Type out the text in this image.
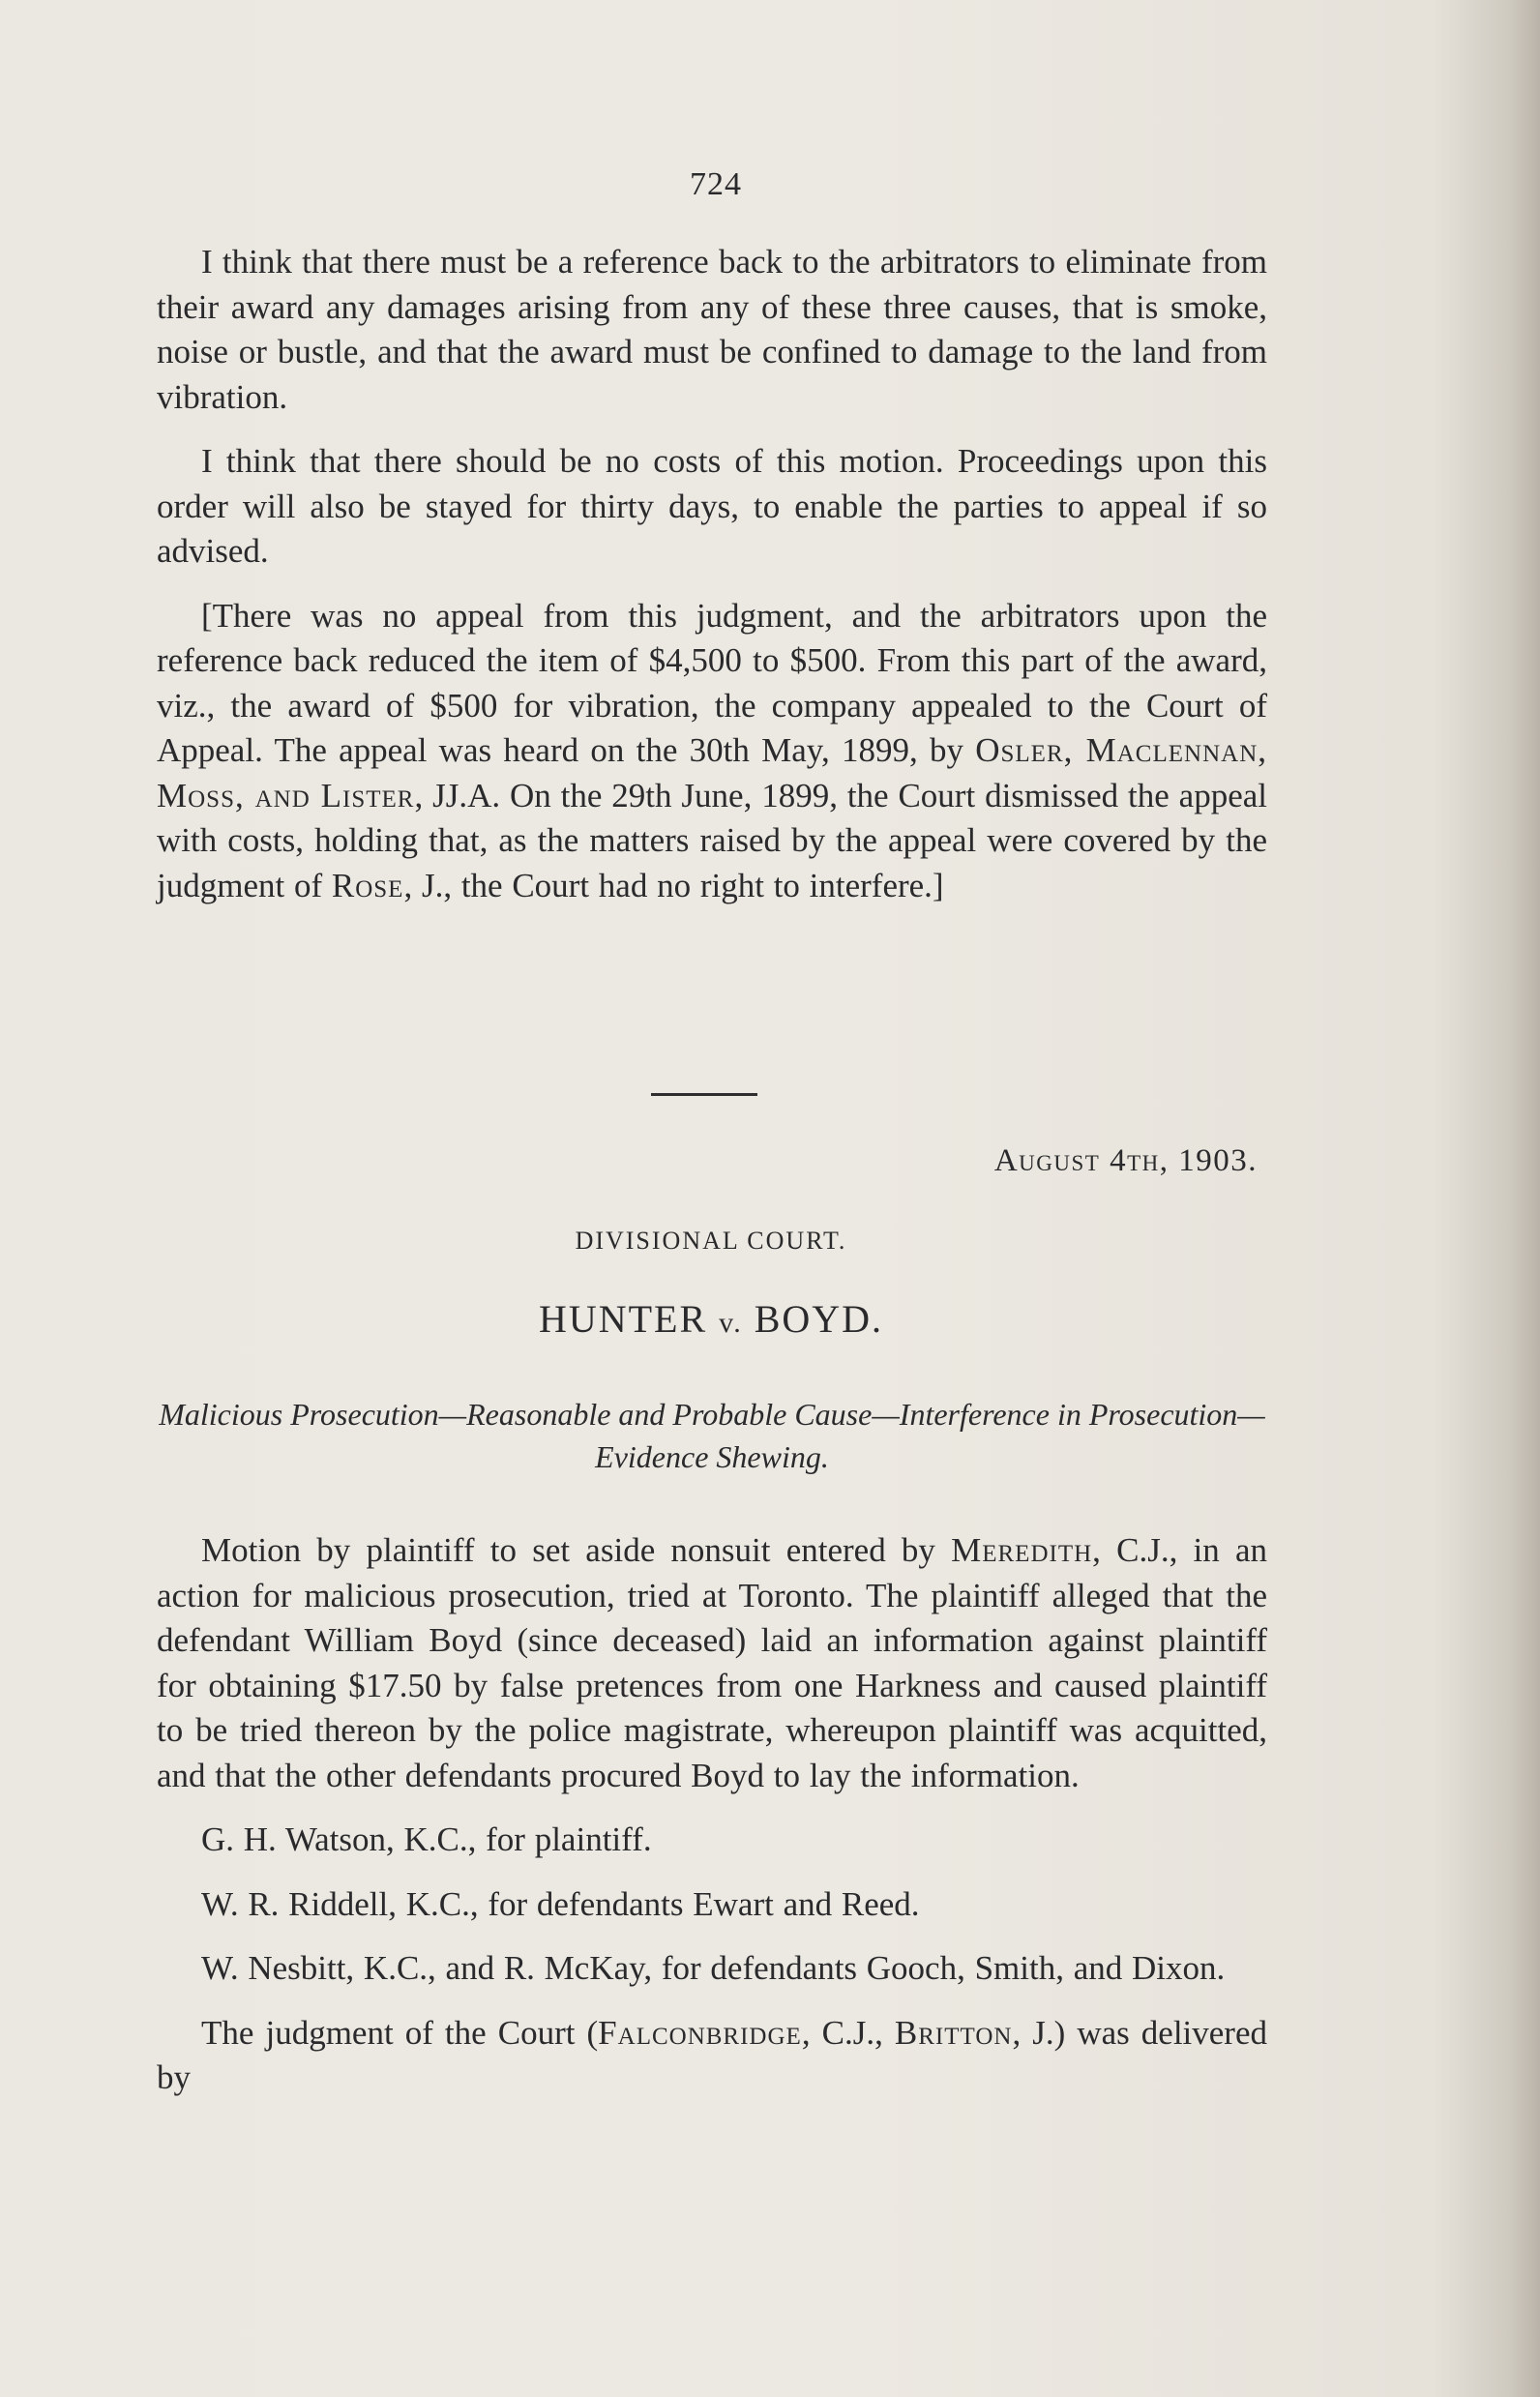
724

I think that there must be a reference back to the arbitrators to eliminate from their award any damages arising from any of these three causes, that is smoke, noise or bustle, and that the award must be confined to damage to the land from vibration.

I think that there should be no costs of this motion. Proceedings upon this order will also be stayed for thirty days, to enable the parties to appeal if so advised.

[There was no appeal from this judgment, and the arbitrators upon the reference back reduced the item of $4,500 to $500. From this part of the award, viz., the award of $500 for vibration, the company appealed to the Court of Appeal. The appeal was heard on the 30th May, 1899, by Osler, Maclennan, Moss, and Lister, JJ.A. On the 29th June, 1899, the Court dismissed the appeal with costs, holding that, as the matters raised by the appeal were covered by the judgment of Rose, J., the Court had no right to interfere.]

August 4th, 1903.
DIVISIONAL COURT.
HUNTER v. BOYD.
Malicious Prosecution—Reasonable and Probable Cause—Interference in Prosecution—Evidence Shewing.

Motion by plaintiff to set aside nonsuit entered by Meredith, C.J., in an action for malicious prosecution, tried at Toronto. The plaintiff alleged that the defendant William Boyd (since deceased) laid an information against plaintiff for obtaining $17.50 by false pretences from one Harkness and caused plaintiff to be tried thereon by the police magistrate, whereupon plaintiff was acquitted, and that the other defendants procured Boyd to lay the information.

G. H. Watson, K.C., for plaintiff.

W. R. Riddell, K.C., for defendants Ewart and Reed.

W. Nesbitt, K.C., and R. McKay, for defendants Gooch, Smith, and Dixon.

The judgment of the Court (Falconbridge, C.J., Britton, J.) was delivered by
